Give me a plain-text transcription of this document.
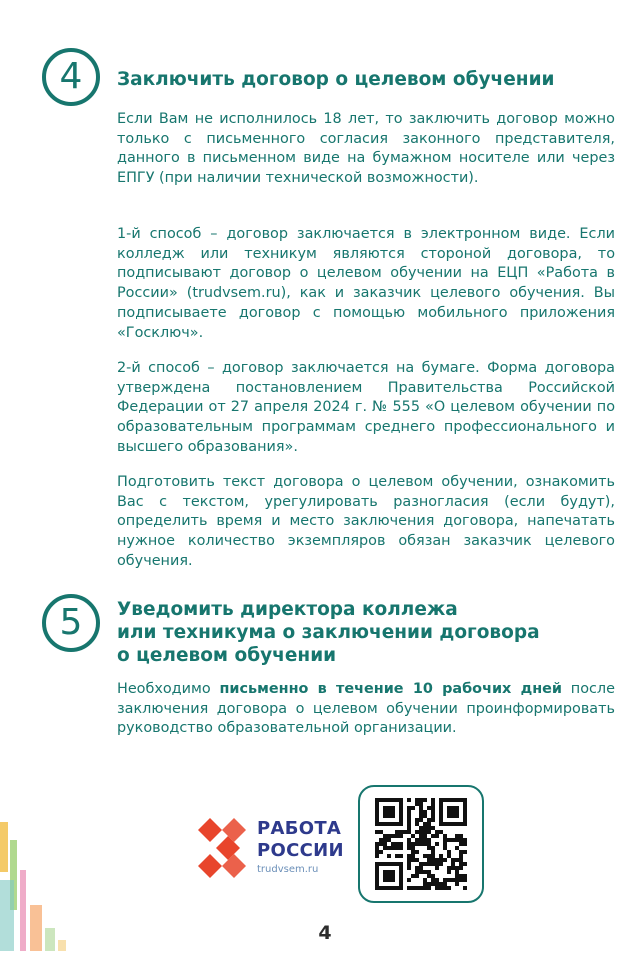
4 Заключить договор о целевом обучении

Если Вам не исполнилось 18 лет, то заключить договор можно только с письменного согласия законного представителя, данного в письменном виде на бумажном носителе или через ЕПГУ (при наличии технической возможности).

1-й способ – договор заключается в электронном виде. Если колледж или техникум являются стороной договора, то подписывают договор о целевом обучении на ЕЦП «Работа в России» (trudvsem.ru), как и заказчик целевого обучения. Вы подписываете договор с помощью мобильного приложения «Госключ».

2-й способ – договор заключается на бумаге. Форма договора утверждена постановлением Правительства Российской Федерации от 27 апреля 2024 г. № 555 «О целевом обучении по образовательным программам среднего профессионального и высшего образования».

Подготовить текст договора о целевом обучении, ознакомить Вас с текстом, урегулировать разногласия (если будут), определить время и место заключения договора, напечатать нужное количество экземпляров обязан заказчик целевого обучения.

5 Уведомить директора коллежа
или техникума о заключении договора
о целевом обучении

Необходимо письменно в течение 10 рабочих дней после заключения договора о целевом обучении проинформировать руководство образовательной организации.

РАБОТА
РОССИИ
trudvsem.ru
4
